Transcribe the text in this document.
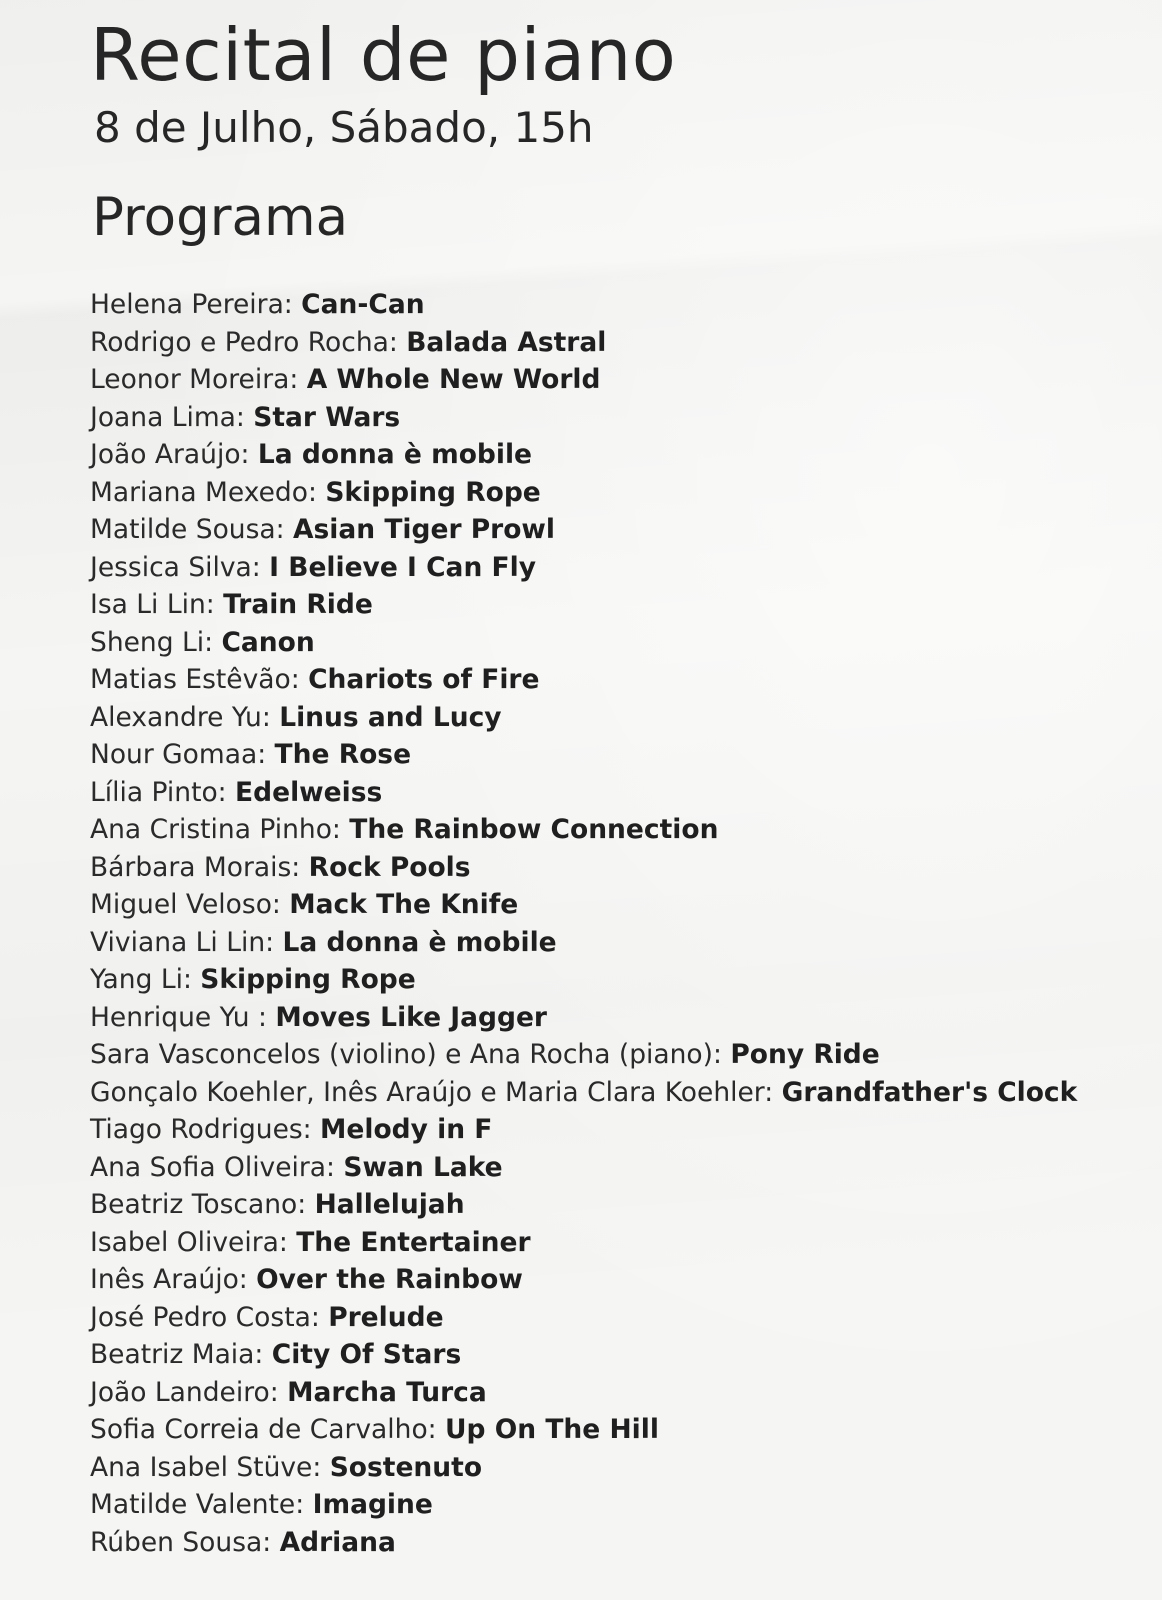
Recital de piano
8 de Julho, Sábado, 15h
Programa
Helena Pereira: Can-Can
Rodrigo e Pedro Rocha: Balada Astral
Leonor Moreira: A Whole New World
Joana Lima: Star Wars
João Araújo: La donna è mobile
Mariana Mexedo: Skipping Rope
Matilde Sousa: Asian Tiger Prowl
Jessica Silva: I Believe I Can Fly
Isa Li Lin: Train Ride
Sheng Li: Canon
Matias Estêvão: Chariots of Fire
Alexandre Yu: Linus and Lucy
Nour Gomaa: The Rose
Lília Pinto: Edelweiss
Ana Cristina Pinho: The Rainbow Connection
Bárbara Morais: Rock Pools
Miguel Veloso: Mack The Knife
Viviana Li Lin: La donna è mobile
Yang Li: Skipping Rope
Henrique Yu : Moves Like Jagger
Sara Vasconcelos (violino) e Ana Rocha (piano): Pony Ride
Gonçalo Koehler, Inês Araújo e Maria Clara Koehler: Grandfather's Clock
Tiago Rodrigues: Melody in F
Ana Sofia Oliveira: Swan Lake
Beatriz Toscano: Hallelujah
Isabel Oliveira: The Entertainer
Inês Araújo: Over the Rainbow
José Pedro Costa: Prelude
Beatriz Maia: City Of Stars
João Landeiro: Marcha Turca
Sofia Correia de Carvalho: Up On The Hill
Ana Isabel Stüve: Sostenuto
Matilde Valente: Imagine
Rúben Sousa: Adriana
